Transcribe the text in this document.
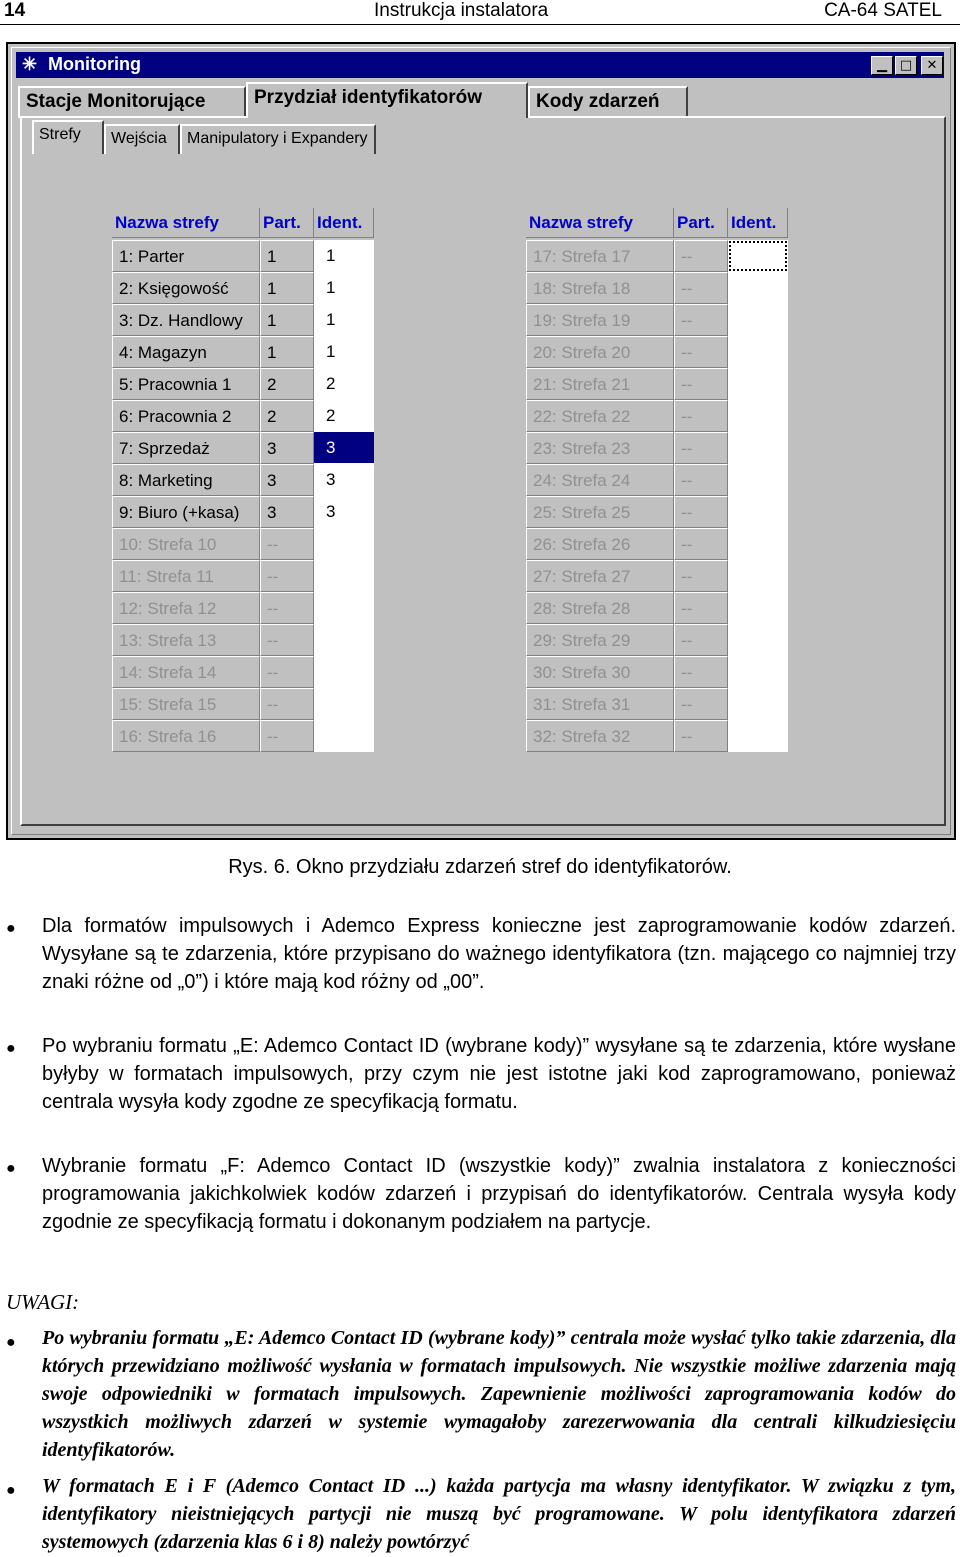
14	Instrukcja instalatora	CA-64 SATEL
✳ Monitoring	▁ □	✕
Stacje Monitorujące	Przydział identyfikatorów	Kody zdarzeń
Strefy	Wejścia	Manipulatory i Expandery
Nazwa strefy	Part. Ident.
1: Parter	1	1
2: Księgowość	1	1
3: Dz. Handlowy	1	1
4: Magazyn	1	1
5: Pracownia 1	2	2
6: Pracownia 2	2	2
7: Sprzedaż	3	3
8: Marketing	3	3
9: Biuro (+kasa)	3	3
10: Strefa 10	--
11: Strefa 11	--
12: Strefa 12	--
13: Strefa 13	--
14: Strefa 14	--
15: Strefa 15	--
16: Strefa 16	--
Nazwa strefy	Part. Ident.
17: Strefa 17	--
18: Strefa 18	--
19: Strefa 19	--
20: Strefa 20	--
21: Strefa 21	--
22: Strefa 22	--
23: Strefa 23	--
24: Strefa 24	--
25: Strefa 25	--
26: Strefa 26	--
27: Strefa 27	--
28: Strefa 28	--
29: Strefa 29	--
30: Strefa 30	--
31: Strefa 31	--
32: Strefa 32	--
Rys. 6. Okno przydziału zdarzeń stref do identyfikatorów.
● Dla formatów impulsowych i Ademco Express konieczne jest zaprogramowanie kodów zdarzeń. Wysyłane są te zdarzenia, które przypisano do ważnego identyfikatora (tzn. mającego co najmniej trzy znaki różne od „0”) i które mają kod różny od „00”.
● Po wybraniu formatu „E: Ademco Contact ID (wybrane kody)” wysyłane są te zdarzenia, które wysłane byłyby w formatach impulsowych, przy czym nie jest istotne jaki kod zaprogramowano, ponieważ centrala wysyła kody zgodne ze specyfikacją formatu.
● Wybranie formatu „F: Ademco Contact ID (wszystkie kody)” zwalnia instalatora z konieczności programowania jakichkolwiek kodów zdarzeń i przypisań do identyfikatorów. Centrala wysyła kody zgodnie ze specyfikacją formatu i dokonanym podziałem na partycje.
UWAGI:
● Po wybraniu formatu „E: Ademco Contact ID (wybrane kody)” centrala może wysłać tylko takie zdarzenia, dla których przewidziano możliwość wysłania w formatach impulsowych. Nie wszystkie możliwe zdarzenia mają swoje odpowiedniki w formatach impulsowych. Zapewnienie możliwości zaprogramowania kodów do wszystkich możliwych zdarzeń w systemie wymagałoby zarezerwowania dla centrali kilkudziesięciu identyfikatorów.
● W formatach E i F (Ademco Contact ID ...) każda partycja ma własny identyfikator. W związku z tym, identyfikatory nieistniejących partycji nie muszą być programowane. W polu identyfikatora zdarzeń systemowych (zdarzenia klas 6 i 8) należy powtórzyć
